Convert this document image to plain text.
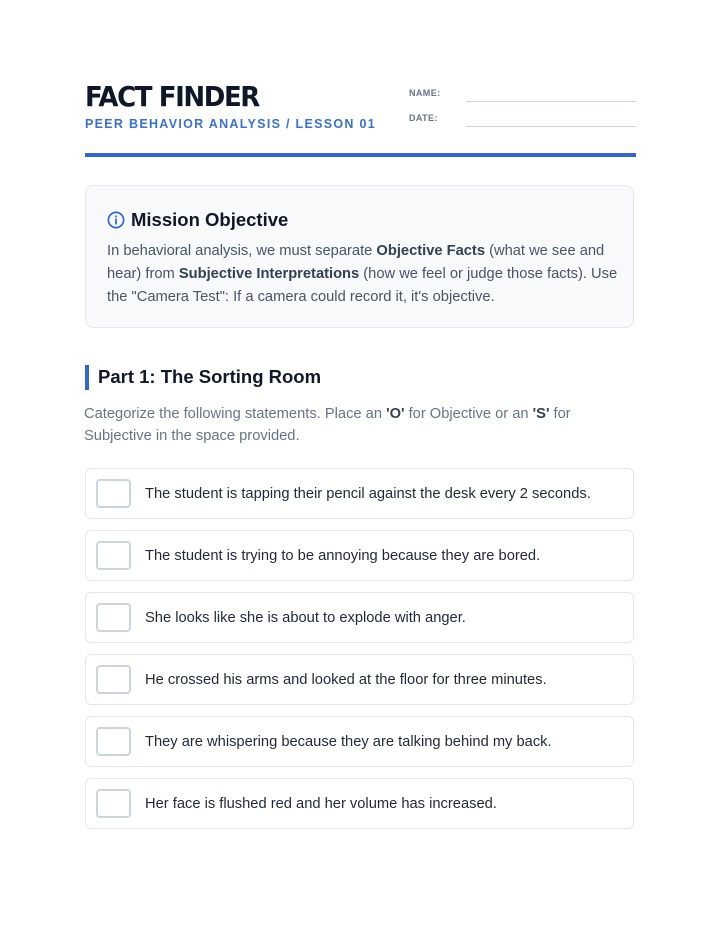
FACT FINDER
PEER BEHAVIOR ANALYSIS / LESSON 01
NAME:
DATE:
Mission Objective
In behavioral analysis, we must separate Objective Facts (what we see and hear) from Subjective Interpretations (how we feel or judge those facts). Use the "Camera Test": If a camera could record it, it's objective.
Part 1: The Sorting Room
Categorize the following statements. Place an 'O' for Objective or an 'S' for Subjective in the space provided.
The student is tapping their pencil against the desk every 2 seconds.
The student is trying to be annoying because they are bored.
She looks like she is about to explode with anger.
He crossed his arms and looked at the floor for three minutes.
They are whispering because they are talking behind my back.
Her face is flushed red and her volume has increased.
